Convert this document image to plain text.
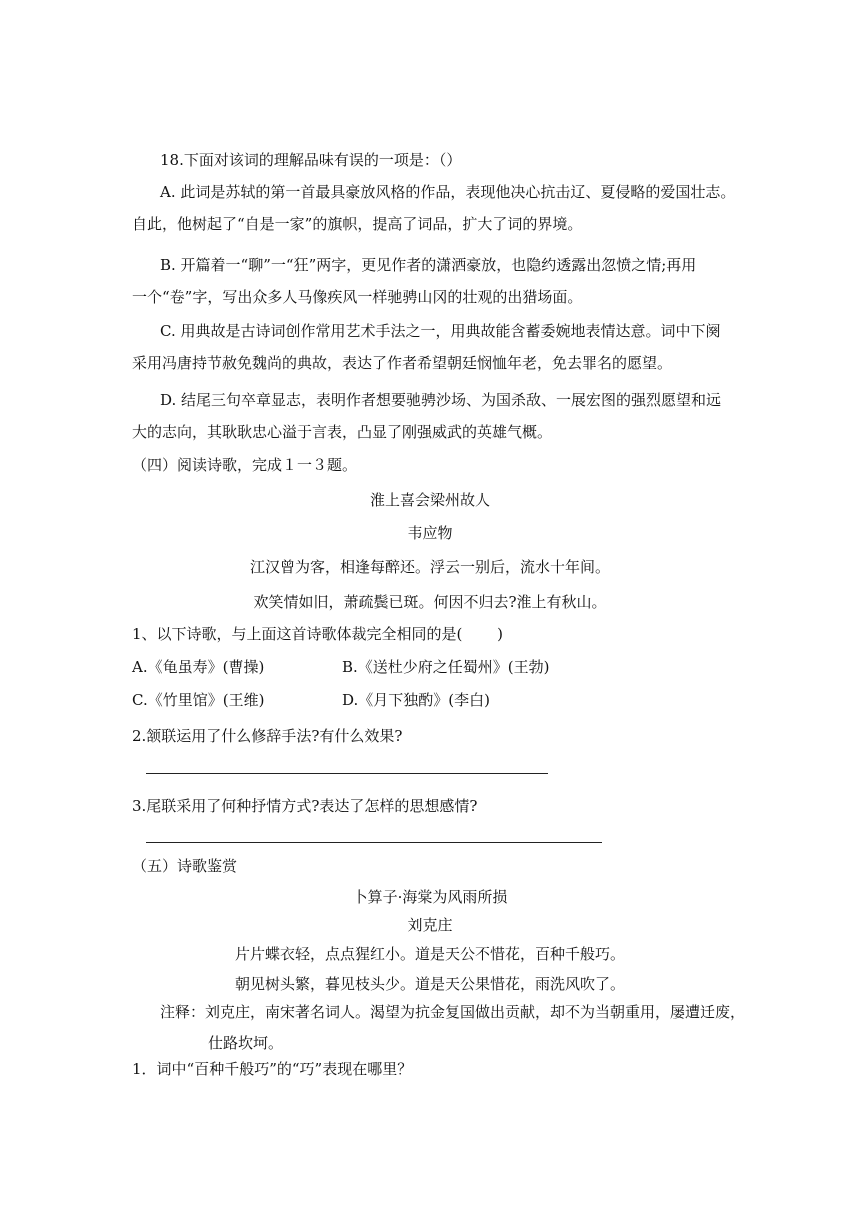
18.下面对该词的理解品味有误的一项是：（）
A. 此词是苏轼的第一首最具豪放风格的作品，表现他决心抗击辽、夏侵略的爱国壮志。
自此，他树起了“自是一家”的旗帜，提高了词品，扩大了词的界境。
B. 开篇着一“聊”一“狂”两字，更见作者的潇洒豪放，也隐约透露出忽愤之情;再用
一个“卷”字，写出众多人马像疾风一样驰骋山冈的壮观的出猎场面。
C. 用典故是古诗词创作常用艺术手法之一，用典故能含蓄委婉地表情达意。词中下阕
采用冯唐持节赦免魏尚的典故，表达了作者希望朝廷悯恤年老，免去罪名的愿望。
D. 结尾三句卒章显志，表明作者想要驰骋沙场、为国杀敌、一展宏图的强烈愿望和远
大的志向，其耿耿忠心溢于言表，凸显了刚强威武的英雄气概。
（四）阅读诗歌，完成１一３题。
淮上喜会梁州故人
韦应物
江汉曾为客，相逢每醉还。浮云一别后，流水十年间。
欢笑情如旧，萧疏鬓已斑。何因不归去?淮上有秋山。
1、以下诗歌，与上面这首诗歌体裁完全相同的是(　　 )
A.《龟虽寿》(曹操)	B.《送杜少府之任蜀州》(王勃)
C.《竹里馆》(王维)	D.《月下独酌》(李白)
2.颔联运用了什么修辞手法?有什么效果?
3.尾联采用了何种抒情方式?表达了怎样的思想感情?
（五）诗歌鉴赏
卜算子·海棠为风雨所损
刘克庄
片片蝶衣轻，点点猩红小。道是天公不惜花，百种千般巧。
朝见树头繁，暮见枝头少。道是天公果惜花，雨洗风吹了。
注释：刘克庄，南宋著名词人。渴望为抗金复国做出贡献，却不为当朝重用，屡遭迁废，
仕路坎坷。
1．词中“百种千般巧”的“巧”表现在哪里？
